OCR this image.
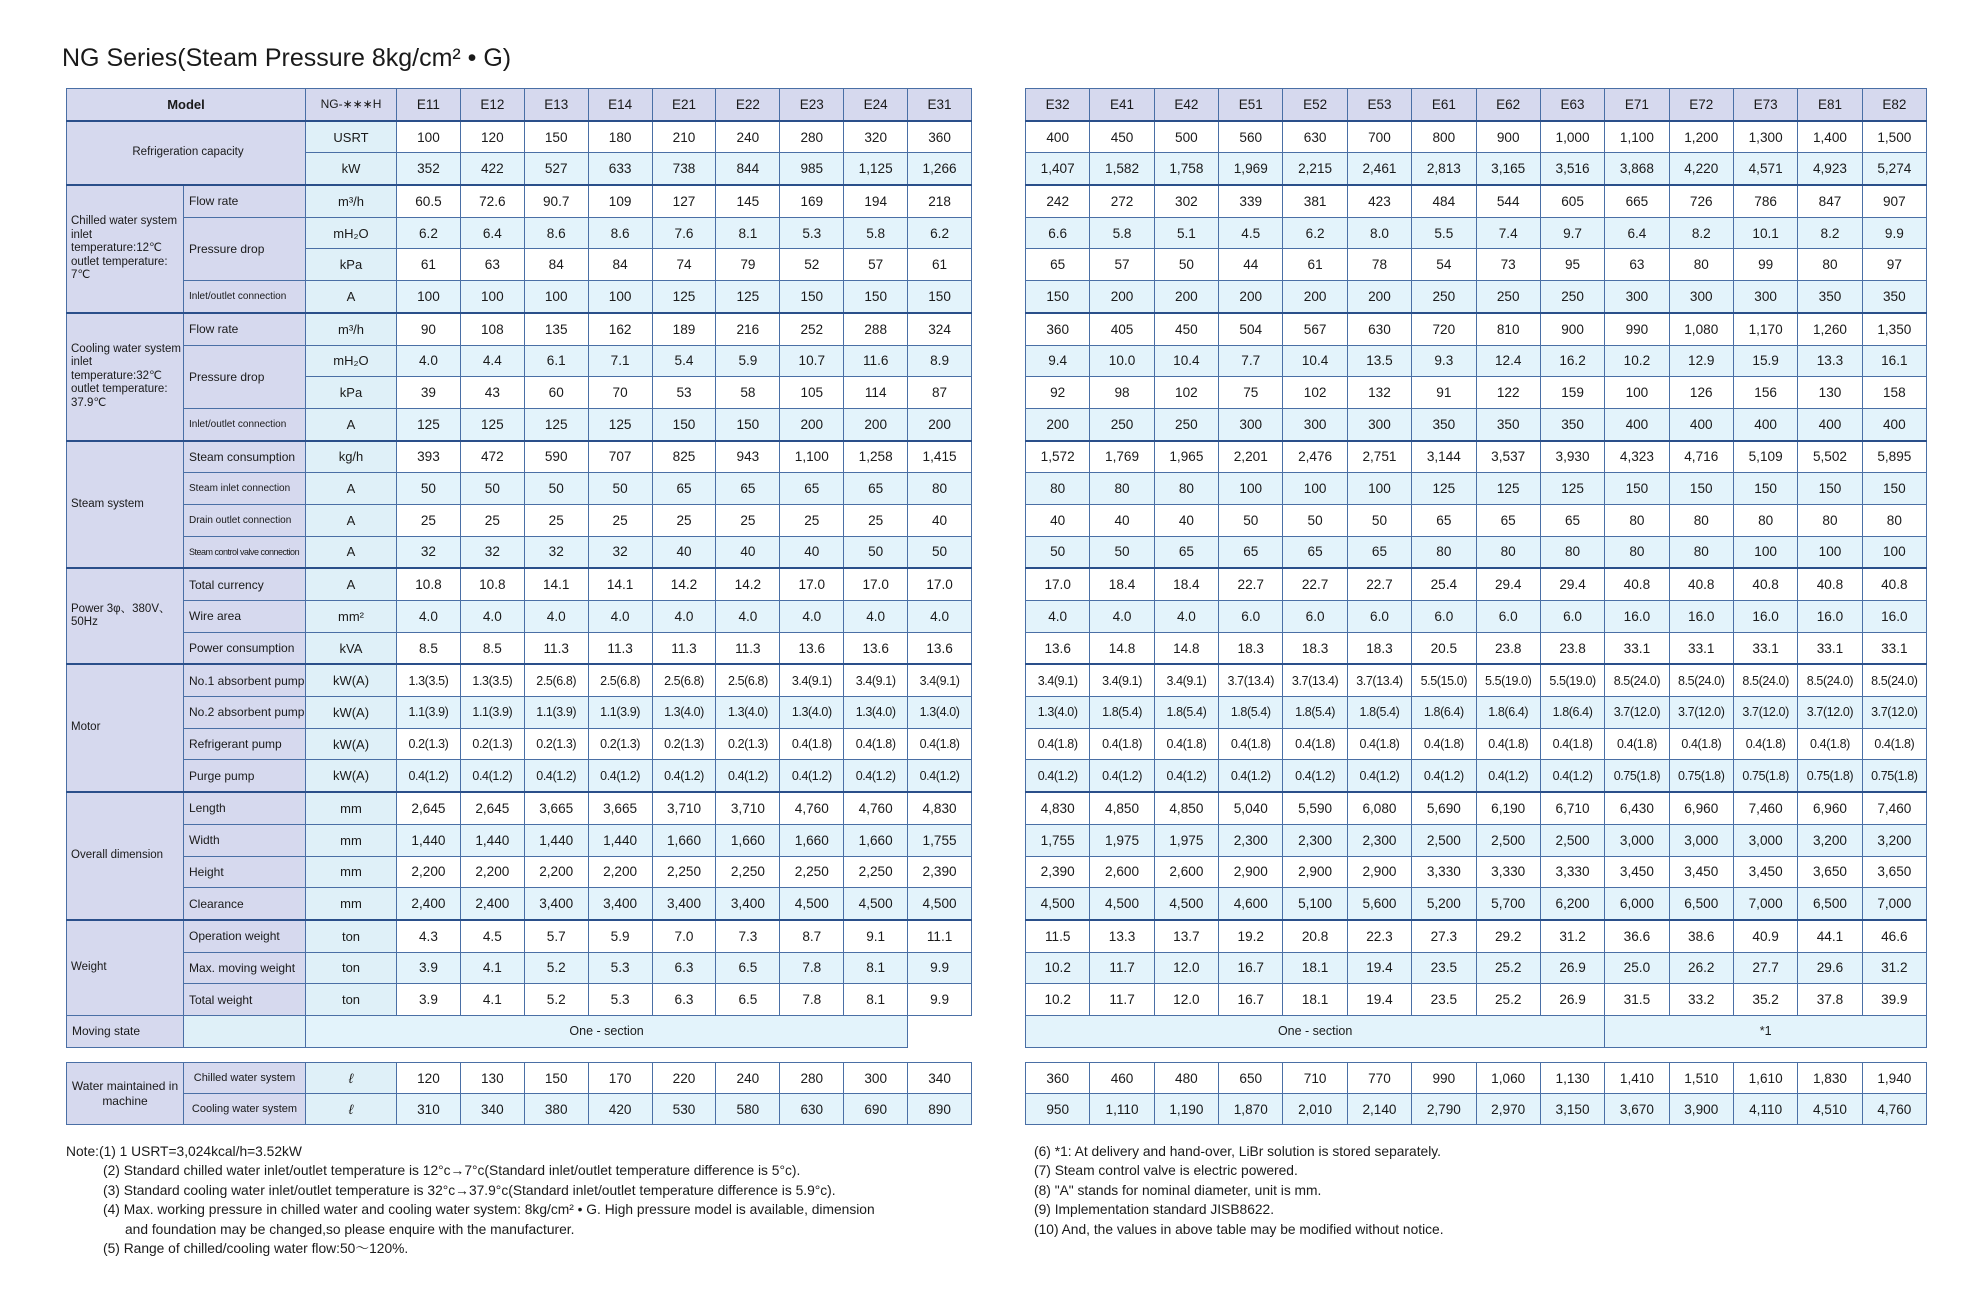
NG Series(Steam Pressure 8kg/cm² • G)
Model		NG-∗∗∗H	E11	E12	E13	E14	E21	E22	E23	E24	E31
Refrigeration capacity		USRT	100	120	150	180	210	240	280	320	360
		kW	352	422	527	633	738	844	985	1,125	1,266
Chilled water system inlet temperature:12℃ outlet temperature: 7℃	Flow rate	m³/h	60.5	72.6	90.7	109	127	145	169	194	218
	Pressure drop	mH₂O	6.2	6.4	8.6	8.6	7.6	8.1	5.3	5.8	6.2
		kPa	61	63	84	84	74	79	52	57	61
	Inlet/outlet connection	A	100	100	100	100	125	125	150	150	150
Cooling water system inlet temperature:32℃ outlet temperature: 37.9℃	Flow rate	m³/h	90	108	135	162	189	216	252	288	324
	Pressure drop	mH₂O	4.0	4.4	6.1	7.1	5.4	5.9	10.7	11.6	8.9
		kPa	39	43	60	70	53	58	105	114	87
	Inlet/outlet connection	A	125	125	125	125	150	150	200	200	200
Steam system	Steam consumption	kg/h	393	472	590	707	825	943	1,100	1,258	1,415
	Steam inlet connection	A	50	50	50	50	65	65	65	65	80
	Drain outlet connection	A	25	25	25	25	25	25	25	25	40
	Steam control valve connection	A	32	32	32	32	40	40	40	50	50
Power 3φ、380V、50Hz	Total currency	A	10.8	10.8	14.1	14.1	14.2	14.2	17.0	17.0	17.0
	Wire area	mm²	4.0	4.0	4.0	4.0	4.0	4.0	4.0	4.0	4.0
	Power consumption	kVA	8.5	8.5	11.3	11.3	11.3	11.3	13.6	13.6	13.6
Motor	No.1 absorbent pump	kW(A)	1.3(3.5)	1.3(3.5)	2.5(6.8)	2.5(6.8)	2.5(6.8)	2.5(6.8)	3.4(9.1)	3.4(9.1)	3.4(9.1)
	No.2 absorbent pump	kW(A)	1.1(3.9)	1.1(3.9)	1.1(3.9)	1.1(3.9)	1.3(4.0)	1.3(4.0)	1.3(4.0)	1.3(4.0)	1.3(4.0)
	Refrigerant pump	kW(A)	0.2(1.3)	0.2(1.3)	0.2(1.3)	0.2(1.3)	0.2(1.3)	0.2(1.3)	0.4(1.8)	0.4(1.8)	0.4(1.8)
	Purge pump	kW(A)	0.4(1.2)	0.4(1.2)	0.4(1.2)	0.4(1.2)	0.4(1.2)	0.4(1.2)	0.4(1.2)	0.4(1.2)	0.4(1.2)
Overall dimension	Length	mm	2,645	2,645	3,665	3,665	3,710	3,710	4,760	4,760	4,830
	Width	mm	1,440	1,440	1,440	1,440	1,660	1,660	1,660	1,660	1,755
	Height	mm	2,200	2,200	2,200	2,200	2,250	2,250	2,250	2,250	2,390
	Clearance	mm	2,400	2,400	3,400	3,400	3,400	3,400	4,500	4,500	4,500
Weight	Operation weight	ton	4.3	4.5	5.7	5.9	7.0	7.3	8.7	9.1	11.1
	Max. moving weight	ton	3.9	4.1	5.2	5.3	6.3	6.5	7.8	8.1	9.9
	Total weight	ton	3.9	4.1	5.2	5.3	6.3	6.5	7.8	8.1	9.9
Moving state		One - section									
E32	E41	E42	E51	E52	E53	E61	E62	E63	E71	E72	E73	E81	E82
400	450	500	560	630	700	800	900	1,000	1,100	1,200	1,300	1,400	1,500
1,407	1,582	1,758	1,969	2,215	2,461	2,813	3,165	3,516	3,868	4,220	4,571	4,923	5,274
242	272	302	339	381	423	484	544	605	665	726	786	847	907
6.6	5.8	5.1	4.5	6.2	8.0	5.5	7.4	9.7	6.4	8.2	10.1	8.2	9.9
65	57	50	44	61	78	54	73	95	63	80	99	80	97
150	200	200	200	200	200	250	250	250	300	300	300	350	350
360	405	450	504	567	630	720	810	900	990	1,080	1,170	1,260	1,350
9.4	10.0	10.4	7.7	10.4	13.5	9.3	12.4	16.2	10.2	12.9	15.9	13.3	16.1
92	98	102	75	102	132	91	122	159	100	126	156	130	158
200	250	250	300	300	300	350	350	350	400	400	400	400	400
1,572	1,769	1,965	2,201	2,476	2,751	3,144	3,537	3,930	4,323	4,716	5,109	5,502	5,895
80	80	80	100	100	100	125	125	125	150	150	150	150	150
40	40	40	50	50	50	65	65	65	80	80	80	80	80
50	50	65	65	65	65	80	80	80	80	80	100	100	100
17.0	18.4	18.4	22.7	22.7	22.7	25.4	29.4	29.4	40.8	40.8	40.8	40.8	40.8
4.0	4.0	4.0	6.0	6.0	6.0	6.0	6.0	6.0	16.0	16.0	16.0	16.0	16.0
13.6	14.8	14.8	18.3	18.3	18.3	20.5	23.8	23.8	33.1	33.1	33.1	33.1	33.1
3.4(9.1)	3.4(9.1)	3.4(9.1)	3.7(13.4)	3.7(13.4)	3.7(13.4)	5.5(15.0)	5.5(19.0)	5.5(19.0)	8.5(24.0)	8.5(24.0)	8.5(24.0)	8.5(24.0)	8.5(24.0)
1.3(4.0)	1.8(5.4)	1.8(5.4)	1.8(5.4)	1.8(5.4)	1.8(5.4)	1.8(6.4)	1.8(6.4)	1.8(6.4)	3.7(12.0)	3.7(12.0)	3.7(12.0)	3.7(12.0)	3.7(12.0)
0.4(1.8)	0.4(1.8)	0.4(1.8)	0.4(1.8)	0.4(1.8)	0.4(1.8)	0.4(1.8)	0.4(1.8)	0.4(1.8)	0.4(1.8)	0.4(1.8)	0.4(1.8)	0.4(1.8)	0.4(1.8)
0.4(1.2)	0.4(1.2)	0.4(1.2)	0.4(1.2)	0.4(1.2)	0.4(1.2)	0.4(1.2)	0.4(1.2)	0.4(1.2)	0.75(1.8)	0.75(1.8)	0.75(1.8)	0.75(1.8)	0.75(1.8)
4,830	4,850	4,850	5,040	5,590	6,080	5,690	6,190	6,710	6,430	6,960	7,460	6,960	7,460
1,755	1,975	1,975	2,300	2,300	2,300	2,500	2,500	2,500	3,000	3,000	3,000	3,200	3,200
2,390	2,600	2,600	2,900	2,900	2,900	3,330	3,330	3,330	3,450	3,450	3,450	3,650	3,650
4,500	4,500	4,500	4,600	5,100	5,600	5,200	5,700	6,200	6,000	6,500	7,000	6,500	7,000
11.5	13.3	13.7	19.2	20.8	22.3	27.3	29.2	31.2	36.6	38.6	40.9	44.1	46.6
10.2	11.7	12.0	16.7	18.1	19.4	23.5	25.2	26.9	25.0	26.2	27.7	29.6	31.2
10.2	11.7	12.0	16.7	18.1	19.4	23.5	25.2	26.9	31.5	33.2	35.2	37.8	39.9
One - section									*1				
Water maintained in machine	Chilled water system	ℓ	120	130	150	170	220	240	280	300	340
	Cooling water system	ℓ	310	340	380	420	530	580	630	690	890
360	460	480	650	710	770	990	1,060	1,130	1,410	1,510	1,610	1,830	1,940
950	1,110	1,190	1,870	2,010	2,140	2,790	2,970	3,150	3,670	3,900	4,110	4,510	4,760
Note:(1) 1 USRT=3,024kcal/h=3.52kW
(2) Standard chilled water inlet/outlet temperature is 12°c→7°c(Standard inlet/outlet temperature difference is 5°c).
(3) Standard cooling water inlet/outlet temperature is 32°c→37.9°c(Standard inlet/outlet temperature difference is 5.9°c).
(4) Max. working pressure in chilled water and cooling water system: 8kg/cm² • G. High pressure model is available, dimension
and foundation may be changed,so please enquire with the manufacturer.
(5) Range of chilled/cooling water flow:50～120%.
(6) *1: At delivery and hand-over, LiBr solution is stored separately.
(7) Steam control valve is electric powered.
(8) "A" stands for nominal diameter, unit is mm.
(9) Implementation standard JISB8622.
(10) And, the values in above table may be modified without notice.
